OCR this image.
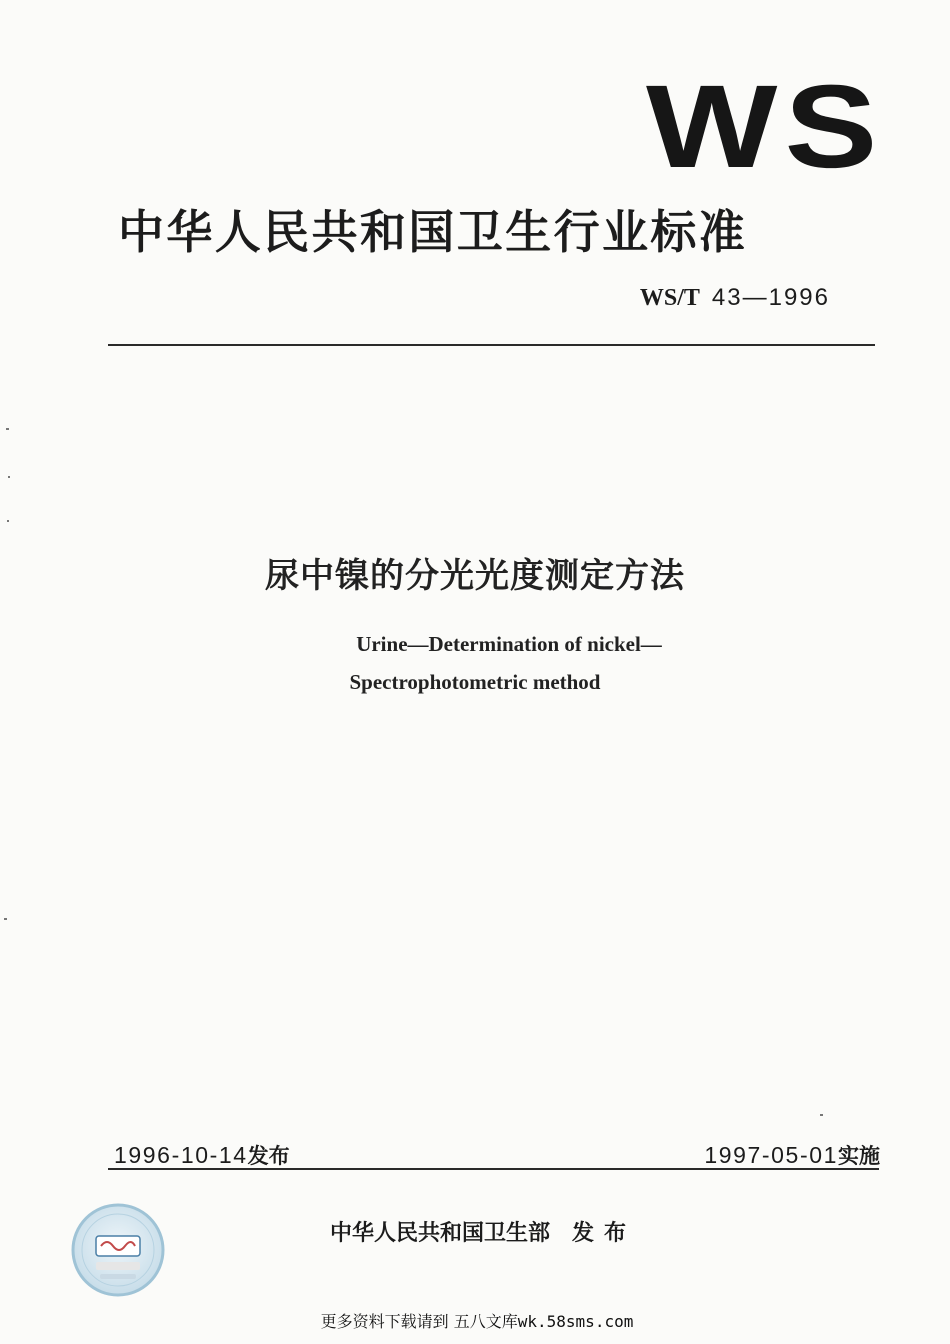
WS
中华人民共和国卫生行业标准
WS/T 43—1996
尿中镍的分光光度测定方法
Urine—Determination of nickel—
Spectrophotometric method
1996-10-14发布	1997-05-01实施
中华人民共和国卫生部 发布
更多资料下载请到 五八文库wk.58sms.com
